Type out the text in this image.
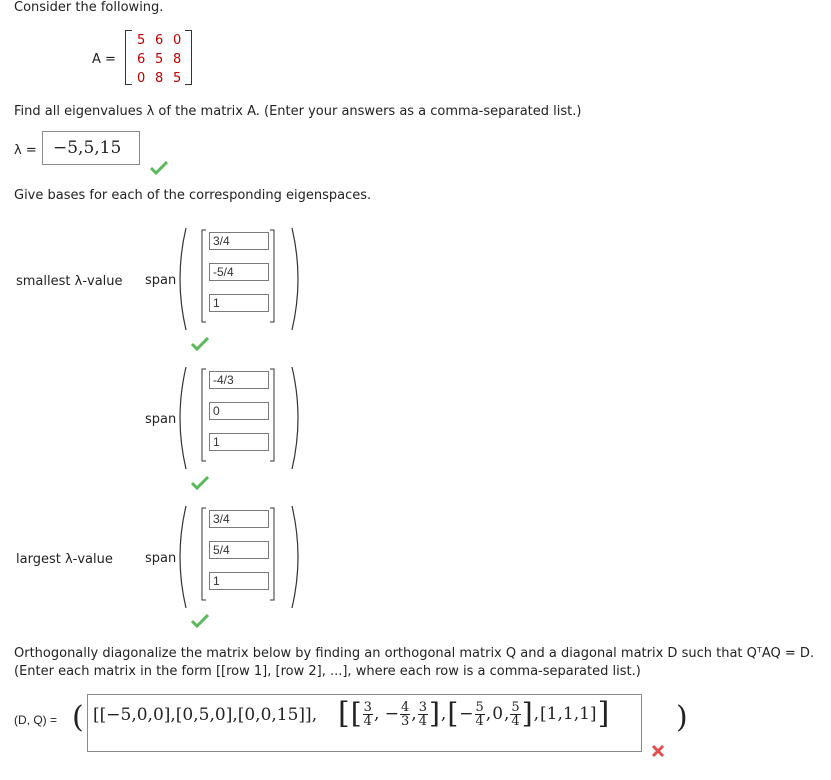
Consider the following.
A =
5 6 0
6 5 8
0 8 5
Find all eigenvalues λ of the matrix A. (Enter your answers as a comma-separated list.)
λ = −5,5,15
Give bases for each of the corresponding eigenspaces.
smallest λ-value span
3/4
-5/4
1
span
-4/3
0
1
largest λ-value span
3/4
5/4
1
Orthogonally diagonalize the matrix below by finding an orthogonal matrix Q and a diagonal matrix D such that QᵀAQ = D.
(Enter each matrix in the form [[row 1], [row 2], ...], where each row is a comma-separated list.)
(D, Q) = (	)
[[−5,0,0],[0,5,0],[0,0,15]], [ [ $\frac{3}{4}$ , − $\frac{4}{3}$ , $\frac{3}{4}$ ] , [ − $\frac{5}{4}$ , 0 , $\frac{5}{4}$ ] , [1,1,1] ]
